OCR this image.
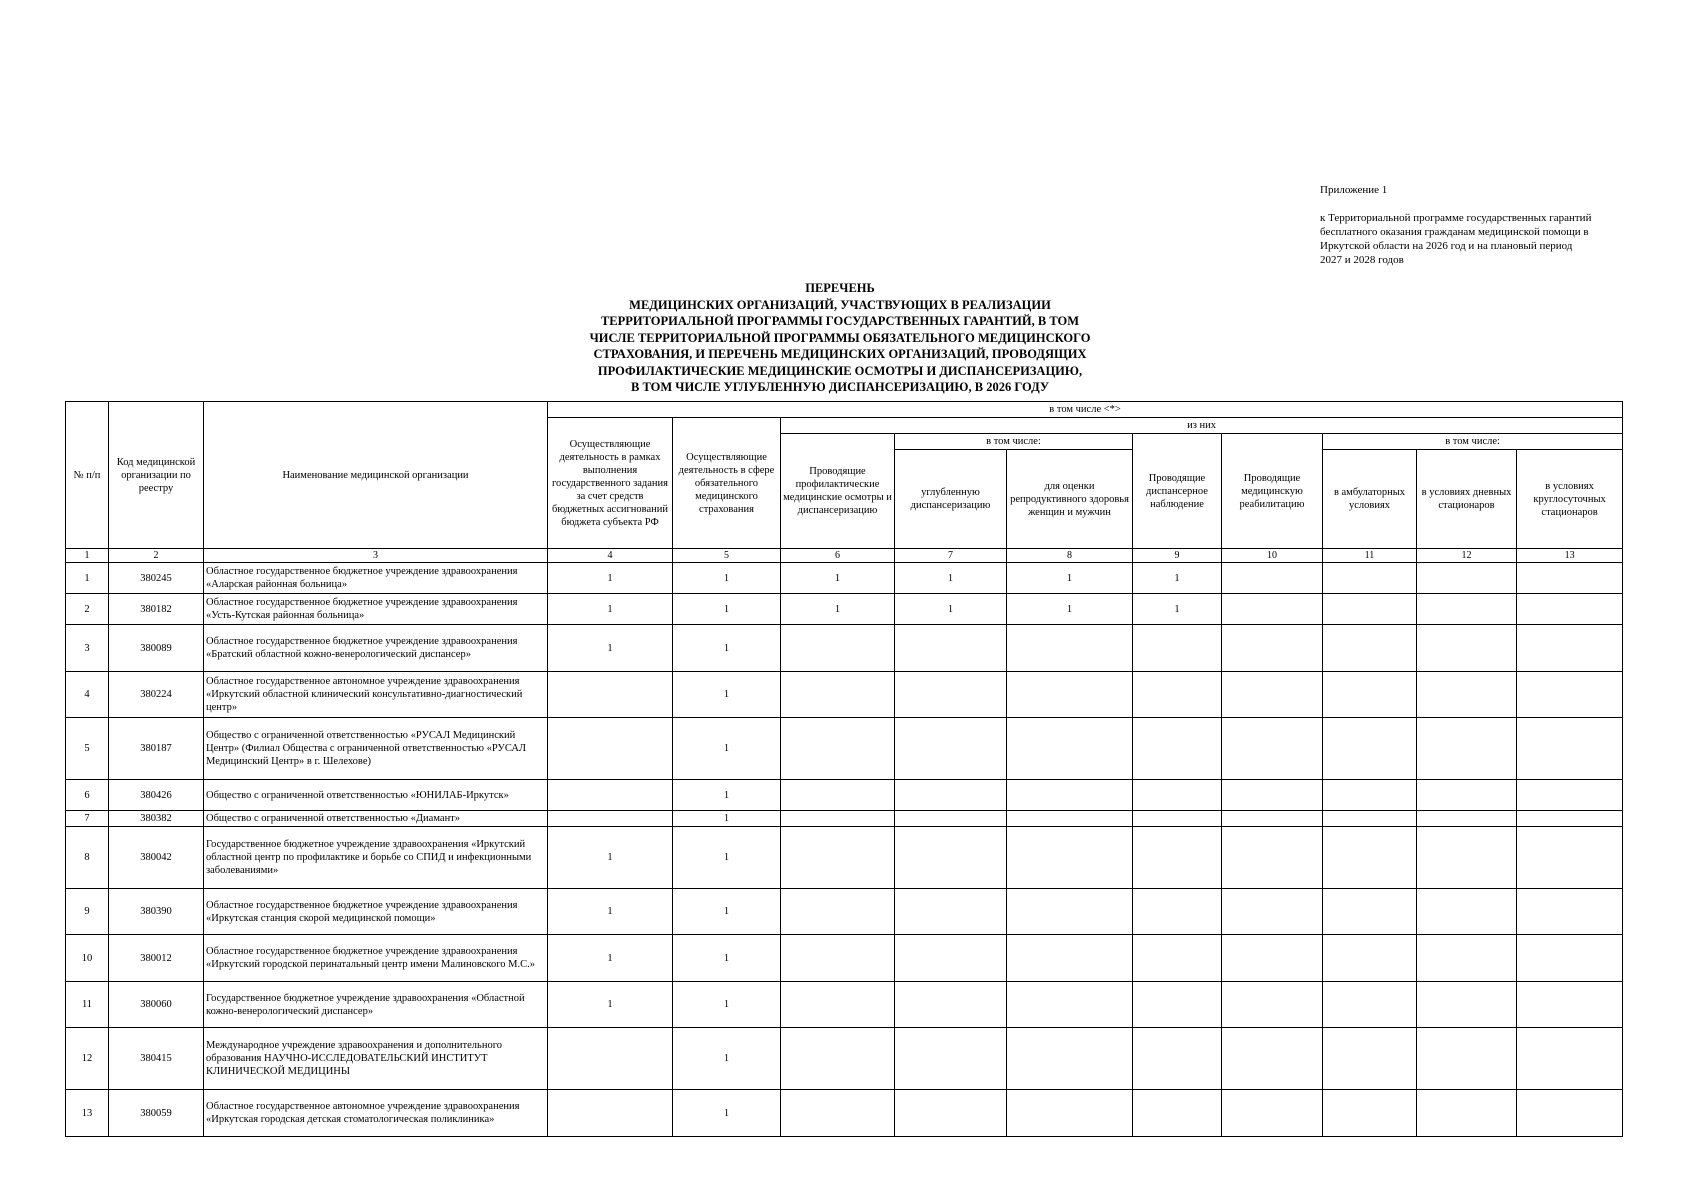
Приложение 1
к Территориальной программе государственных гарантий
бесплатного оказания гражданам медицинской помощи в
Иркутской области на 2026 год и на плановый период
2027 и 2028 годов
ПЕРЕЧЕНЬ
МЕДИЦИНСКИХ ОРГАНИЗАЦИЙ, УЧАСТВУЮЩИХ В РЕАЛИЗАЦИИ
ТЕРРИТОРИАЛЬНОЙ ПРОГРАММЫ ГОСУДАРСТВЕННЫХ ГАРАНТИЙ, В ТОМ
ЧИСЛЕ ТЕРРИТОРИАЛЬНОЙ ПРОГРАММЫ ОБЯЗАТЕЛЬНОГО МЕДИЦИНСКОГО
СТРАХОВАНИЯ, И ПЕРЕЧЕНЬ МЕДИЦИНСКИХ ОРГАНИЗАЦИЙ, ПРОВОДЯЩИХ
ПРОФИЛАКТИЧЕСКИЕ МЕДИЦИНСКИЕ ОСМОТРЫ И ДИСПАНСЕРИЗАЦИЮ,
В ТОМ ЧИСЛЕ УГЛУБЛЕННУЮ ДИСПАНСЕРИЗАЦИЮ, В 2026 ГОДУ
№ п/п	Код медицинской организации по реестру	Наименование медицинской организации	в том числе <*>									
			Осуществляющие деятельность в рамках выполнения государственного задания за счет средств бюджетных ассигнований бюджета субъекта РФ	Осуществляющие деятельность в сфере обязательного медицинского страхования	из них							
					Проводящие профилактические медицинские осмотры и диспансеризацию	в том числе:		Проводящие диспансерное наблюдение	Проводящие медицинскую реабилитацию	в том числе:		
						углубленную диспансеризацию	для оценки репродуктивного здоровья женщин и мужчин			в амбулаторных условиях	в условиях дневных стационаров	в условиях круглосуточных стационаров
1	2	3	4	5	6	7	8	9	10	11	12	13
1	380245	Областное государственное бюджетное учреждение здравоохранения «Аларская районная больница»	1	1	1	1	1	1				
2	380182	Областное государственное бюджетное учреждение здравоохранения «Усть-Кутская районная больница»	1	1	1	1	1	1				
3	380089	Областное государственное бюджетное учреждение здравоохранения «Братский областной кожно-венерологический диспансер»	1	1								
4	380224	Областное государственное автономное учреждение здравоохранения «Иркутский областной клинический консультативно-диагностический центр»		1								
5	380187	Общество с ограниченной ответственностью «РУСАЛ Медицинский Центр» (Филиал Общества с ограниченной ответственностью «РУСАЛ Медицинский Центр» в г. Шелехове)		1								
6	380426	Общество с ограниченной ответственностью «ЮНИЛАБ-Иркутск»		1								
7	380382	Общество с ограниченной ответственностью «Диамант»		1								
8	380042	Государственное бюджетное учреждение здравоохранения «Иркутский областной центр по профилактике и борьбе со СПИД и инфекционными заболеваниями»	1	1								
9	380390	Областное государственное бюджетное учреждение здравоохранения «Иркутская станция скорой медицинской помощи»	1	1								
10	380012	Областное государственное бюджетное учреждение здравоохранения «Иркутский городской перинатальный центр имени Малиновского М.С.»	1	1								
11	380060	Государственное бюджетное учреждение здравоохранения «Областной кожно-венерологический диспансер»	1	1								
12	380415	Международное учреждение здравоохранения и дополнительного образования НАУЧНО-ИССЛЕДОВАТЕЛЬСКИЙ ИНСТИТУТ КЛИНИЧЕСКОЙ МЕДИЦИНЫ		1								
13	380059	Областное государственное автономное учреждение здравоохранения «Иркутская городская детская стоматологическая поликлиника»		1								
